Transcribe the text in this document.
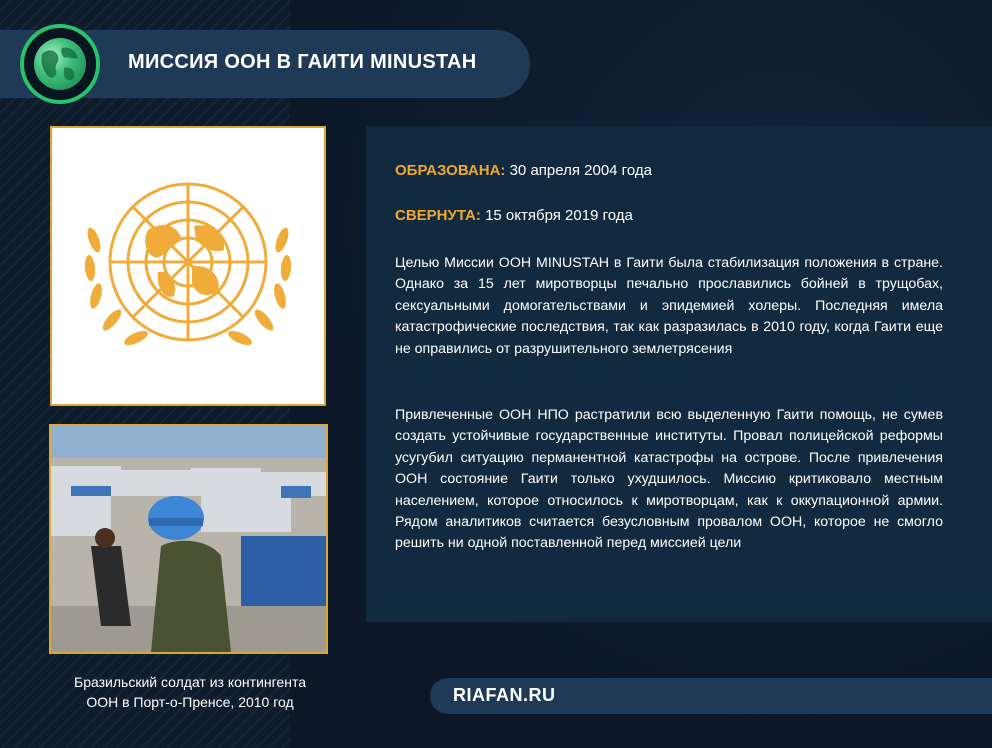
МИССИЯ ООН В ГАИТИ MINUSTAH
Бразильский солдат из контингента
ООН в Порт-о-Пренсе, 2010 год
ОБРАЗОВАНА: 30 апреля 2004 года
СВЕРНУТА: 15 октября 2019 года

Целью Миссии ООН MINUSTAH в Гаити была стабилизация положения в стране. Однако за 15 лет миротворцы печально прославились бойней в трущобах, сексуальными домогательствами и эпидемией холеры. Последняя имела катастрофические последствия, так как разразилась в 2010 году, когда Гаити еще не оправились от разрушительного землетрясения

Привлеченные ООН НПО растратили всю выделенную Гаити помощь, не сумев создать устойчивые государственные институты. Провал полицейской реформы усугубил ситуацию перманентной катастрофы на острове. После привлечения ООН состояние Гаити только ухудшилось. Миссию критиковало местным населением, которое относилось к миротворцам, как к оккупационной армии. Рядом аналитиков считается безусловным провалом ООН, которое не смогло решить ни одной поставленной перед миссией цели

RIAFAN.RU
